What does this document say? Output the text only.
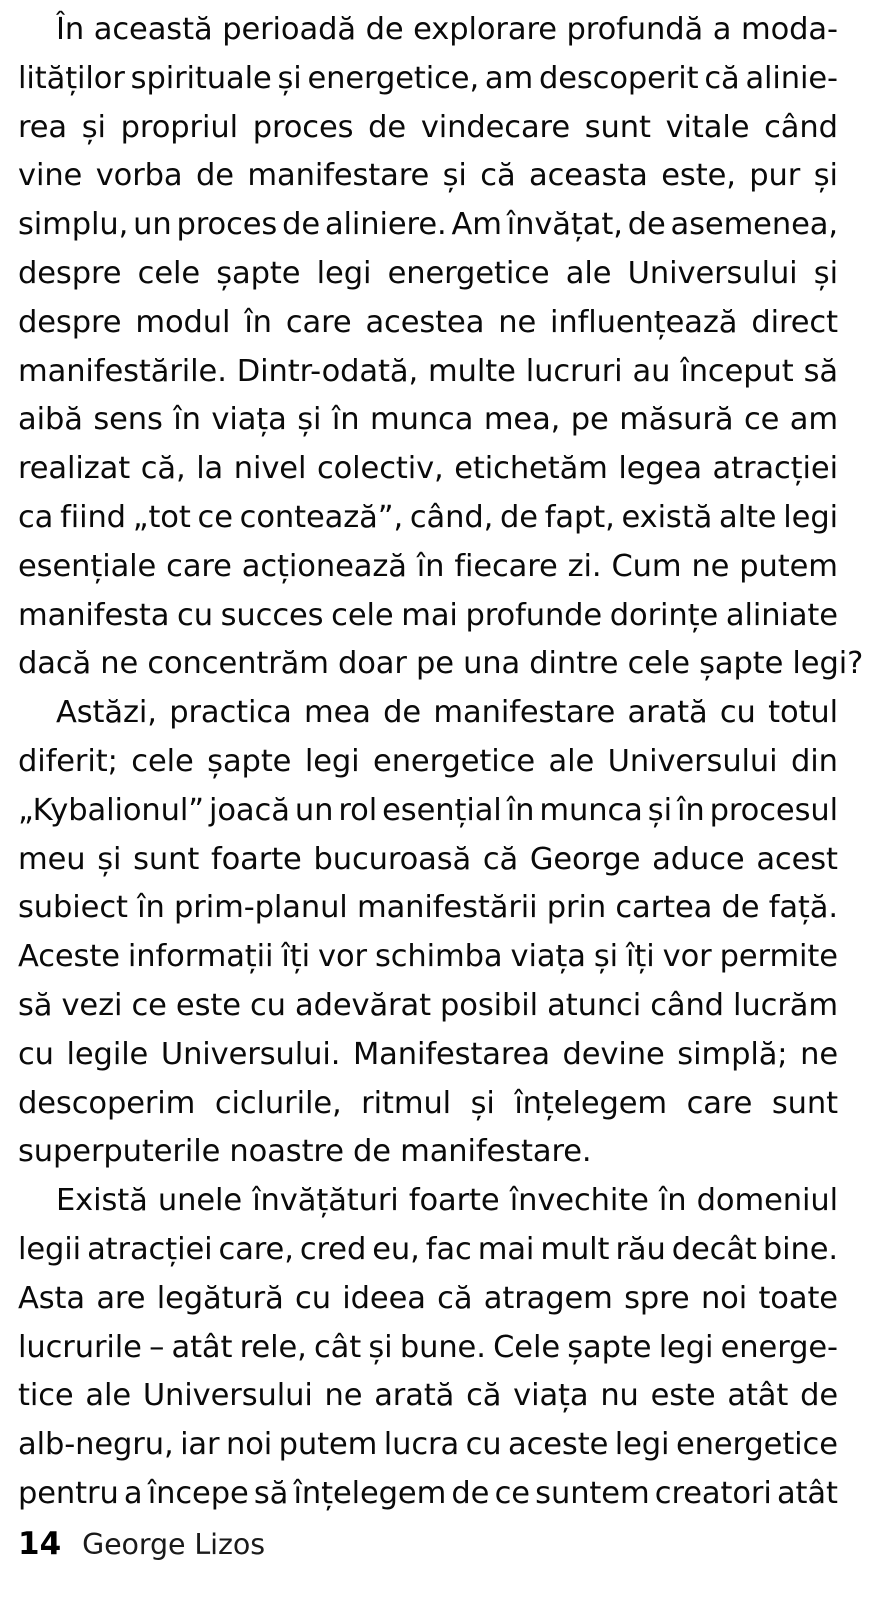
În această perioadă de explorare profundă a moda-
lităților spirituale și energetice, am descoperit că alinie-
rea și propriul proces de vindecare sunt vitale când
vine vorba de manifestare și că aceasta este, pur și
simplu, un proces de aliniere. Am învățat, de asemenea,
despre cele șapte legi energetice ale Universului și
despre modul în care acestea ne influențează direct
manifestările. Dintr-odată, multe lucruri au început să
aibă sens în viața și în munca mea, pe măsură ce am
realizat că, la nivel colectiv, etichetăm legea atracției
ca fiind „tot ce contează”, când, de fapt, există alte legi
esențiale care acționează în fiecare zi. Cum ne putem
manifesta cu succes cele mai profunde dorințe aliniate
dacă ne concentrăm doar pe una dintre cele șapte legi?
Astăzi, practica mea de manifestare arată cu totul
diferit; cele șapte legi energetice ale Universului din
„Kybalionul” joacă un rol esențial în munca și în procesul
meu și sunt foarte bucuroasă că George aduce acest
subiect în prim-planul manifestării prin cartea de față.
Aceste informații îți vor schimba viața și îți vor permite
să vezi ce este cu adevărat posibil atunci când lucrăm
cu legile Universului. Manifestarea devine simplă; ne
descoperim ciclurile, ritmul și înțelegem care sunt
superputerile noastre de manifestare.
Există unele învățături foarte învechite în domeniul
legii atracției care, cred eu, fac mai mult rău decât bine.
Asta are legătură cu ideea că atragem spre noi toate
lucrurile – atât rele, cât și bune. Cele șapte legi energe-
tice ale Universului ne arată că viața nu este atât de
alb-negru, iar noi putem lucra cu aceste legi energetice
pentru a începe să înțelegem de ce suntem creatori atât
14 George Lizos
